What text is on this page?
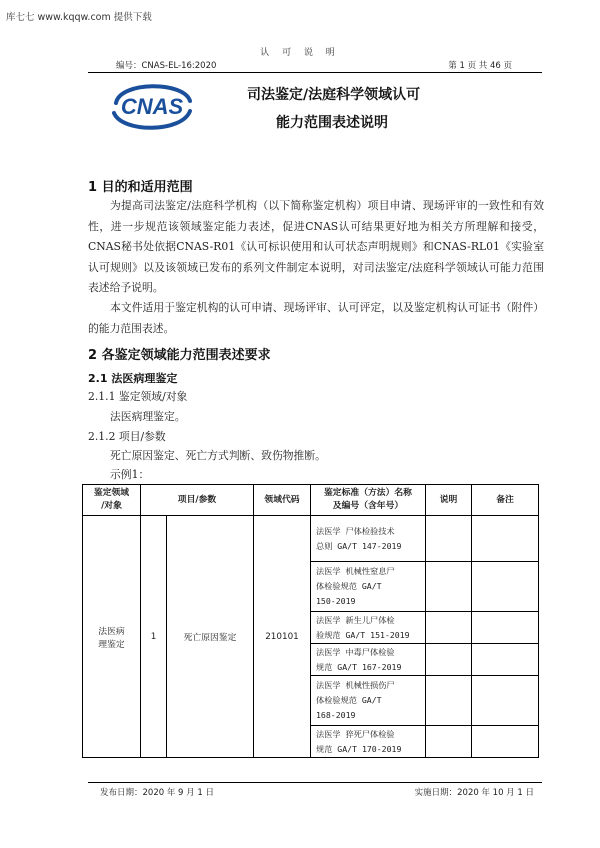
库七七 www.kqqw.com 提供下载
认 可 说 明
编号：CNAS-EL-16:2020	第 1 页 共 46 页
CNAS	司法鉴定/法庭科学领域认可
能力范围表述说明
1 目的和适用范围

为提高司法鉴定/法庭科学机构（以下简称鉴定机构）项目申请、现场评审的一致性和有效性，进一步规范该领域鉴定能力表述，促进CNAS认可结果更好地为相关方所理解和接受，CNAS秘书处依据CNAS-R01《认可标识使用和认可状态声明规则》和CNAS-RL01《实验室认可规则》以及该领域已发布的系列文件制定本说明，对司法鉴定/法庭科学领域认可能力范围表述给予说明。

本文件适用于鉴定机构的认可申请、现场评审、认可评定，以及鉴定机构认可证书（附件）的能力范围表述。

2 各鉴定领域能力范围表述要求
2.1 法医病理鉴定
2.1.1 鉴定领域/对象
法医病理鉴定。
2.1.2 项目/参数
死亡原因鉴定、死亡方式判断、致伤物推断。
示例1：
鉴定领域
/对象	项目/参数		领域代码	鉴定标准（方法）名称
及编号（含年号）	说明	备注
法医病
理鉴定	1	死亡原因鉴定	210101	法医学 尸体检验技术
总则 GA/T 147-2019		
				法医学 机械性窒息尸
体检验规范 GA/T
150-2019		
				法医学 新生儿尸体检
验规范 GA/T 151-2019		
				法医学 中毒尸体检验
规范 GA/T 167-2019		
				法医学 机械性损伤尸
体检验规范 GA/T
168-2019		
				法医学 猝死尸体检验
规范 GA/T 170-2019		
发布日期：2020 年 9 月 1 日	实施日期：2020 年 10 月 1 日
